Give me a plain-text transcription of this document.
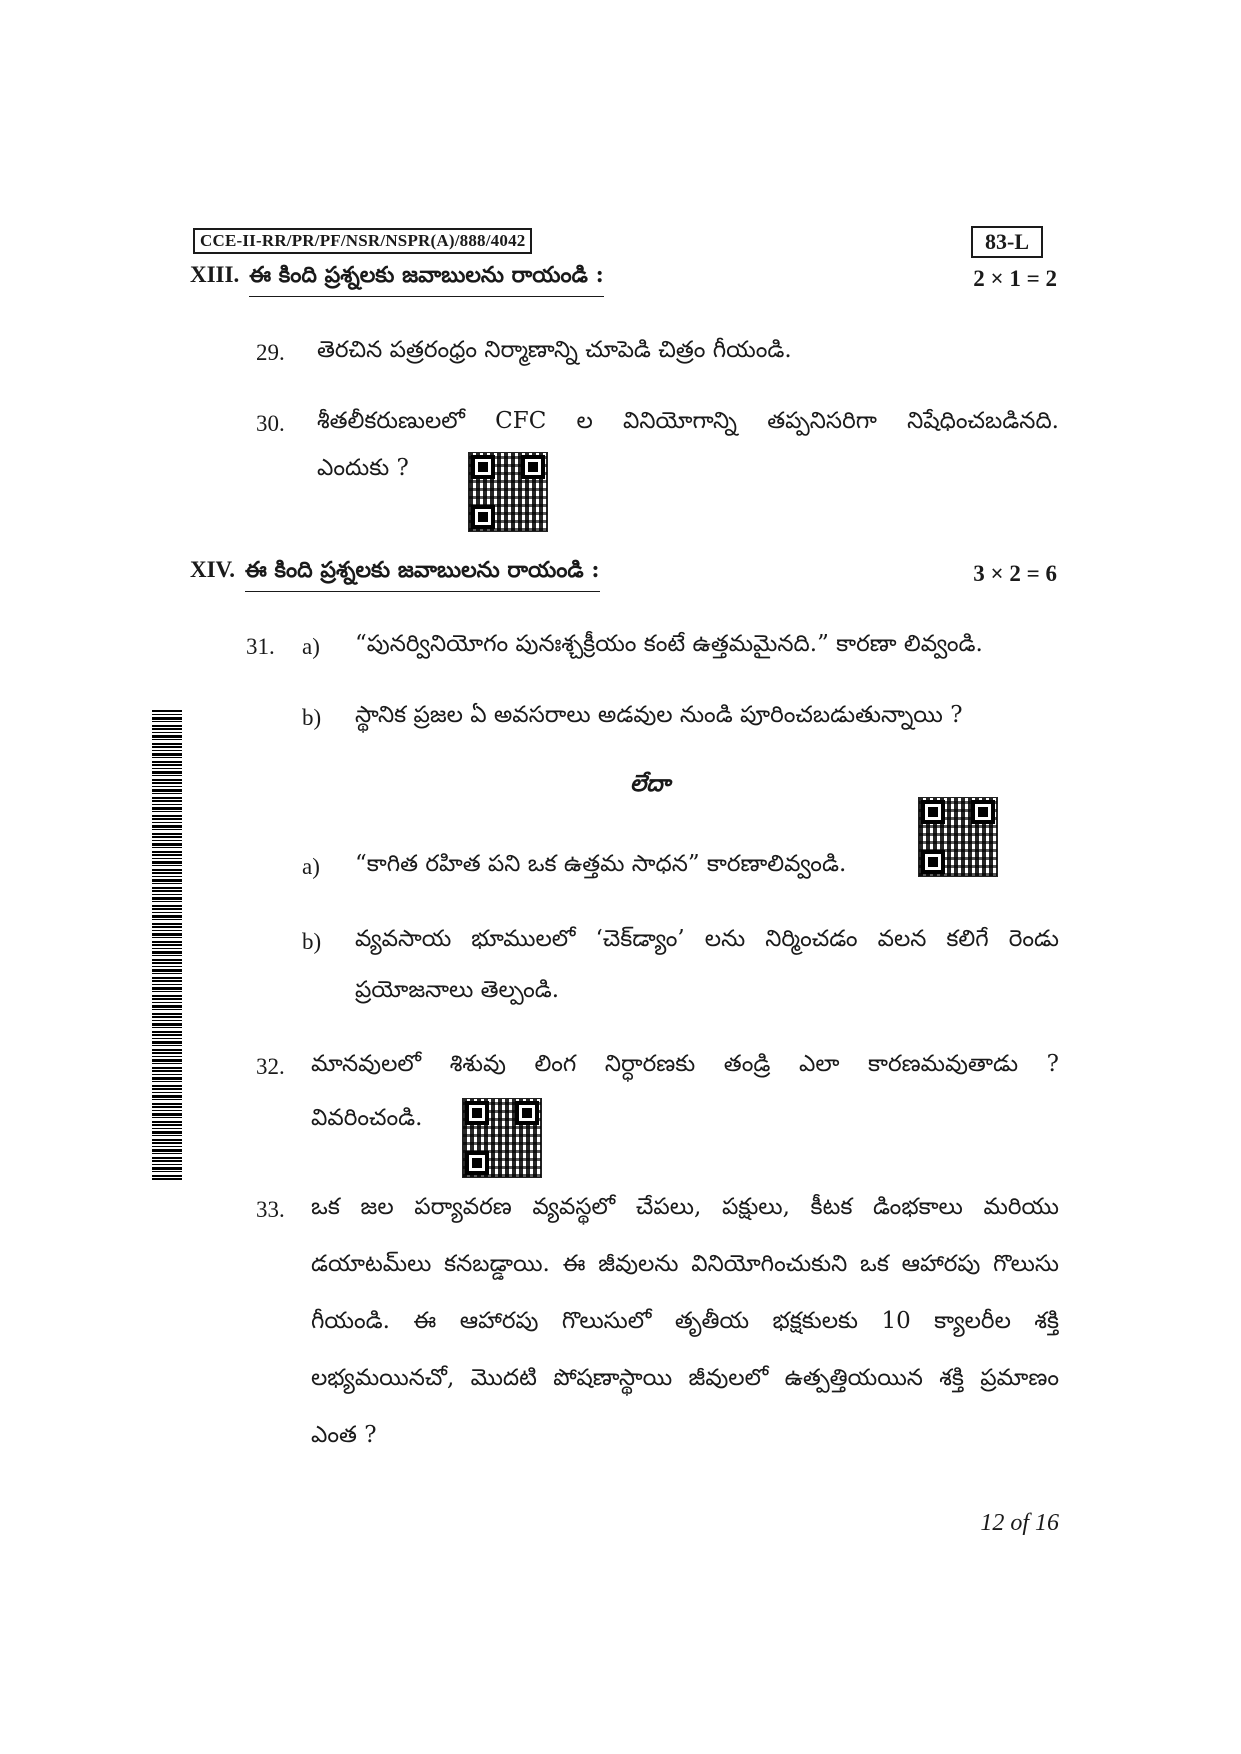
CCE-II-RR/PR/PF/NSR/NSPR(A)/888/4042	83-L
XIII. ఈ కింది ప్రశ్నలకు జవాబులను రాయండి :	2 × 1 = 2
29. తెరచిన పత్రరంధ్రం నిర్మాణాన్ని చూపెడి చిత్రం గీయండి.
30. శీతలీకరుణులలో CFC ల వినియోగాన్ని తప్పనిసరిగా నిషేధించబడినది.
ఎందుకు ?
XIV. ఈ కింది ప్రశ్నలకు జవాబులను రాయండి :	3 × 2 = 6
31. a) “పునర్వినియోగం పునఃశ్చక్రీయం కంటే ఉత్తమమైనది.” కారణా లివ్వండి.
b) స్థానిక ప్రజల ఏ అవసరాలు అడవుల నుండి పూరించబడుతున్నాయి ?
లేదా
a) “కాగిత రహిత పని ఒక ఉత్తమ సాధన” కారణాలివ్వండి.
b) వ్యవసాయ భూములలో ‘చెక్‌డ్యాం’ లను నిర్మించడం వలన కలిగే రెండు
ప్రయోజనాలు తెల్పండి.
32. మానవులలో శిశువు లింగ నిర్ధారణకు తండ్రి ఎలా కారణమవుతాడు ?
వివరించండి.
33. ఒక జల పర్యావరణ వ్యవస్థలో చేపలు, పక్షులు, కీటక డింభకాలు మరియు
డయాటమ్‌లు కనబడ్డాయి. ఈ జీవులను వినియోగించుకుని ఒక ఆహారపు గొలుసు
గీయండి. ఈ ఆహారపు గొలుసులో తృతీయ భక్షకులకు 10 క్యాలరీల శక్తి
లభ్యమయినచో, మొదటి పోషణాస్థాయి జీవులలో ఉత్పత్తియయిన శక్తి ప్రమాణం
ఎంత ?
12 of 16
